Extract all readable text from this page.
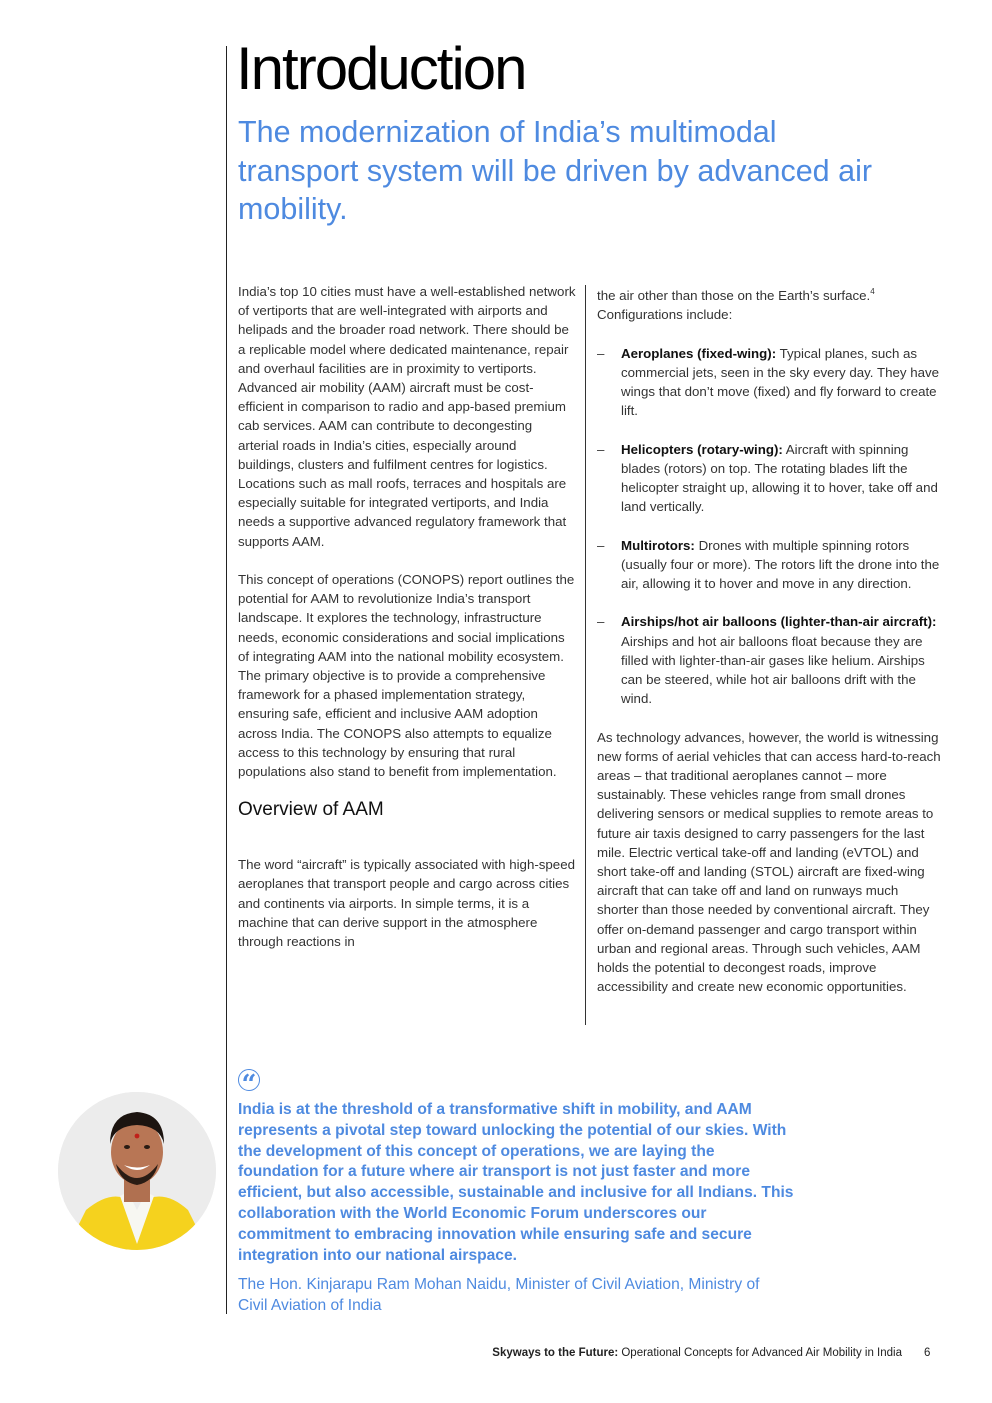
Introduction
The modernization of India’s multimodal transport system will be driven by advanced air mobility.

India’s top 10 cities must have a well-established network of vertiports that are well-integrated with airports and helipads and the broader road network. There should be a replicable model where dedicated maintenance, repair and overhaul facilities are in proximity to vertiports. Advanced air mobility (AAM) aircraft must be cost-efficient in comparison to radio and app-based premium cab services. AAM can contribute to decongesting arterial roads in India’s cities, especially around buildings, clusters and fulfilment centres for logistics. Locations such as mall roofs, terraces and hospitals are especially suitable for integrated vertiports, and India needs a supportive advanced regulatory framework that supports AAM.

This concept of operations (CONOPS) report outlines the potential for AAM to revolutionize India’s transport landscape. It explores the technology, infrastructure needs, economic considerations and social implications of integrating AAM into the national mobility ecosystem. The primary objective is to provide a comprehensive framework for a phased implementation strategy, ensuring safe, efficient and inclusive AAM adoption across India. The CONOPS also attempts to equalize access to this technology by ensuring that rural populations also stand to benefit from implementation.

Overview of AAM

The word “aircraft” is typically associated with high-speed aeroplanes that transport people and cargo across cities and continents via airports. In simple terms, it is a machine that can derive support in the atmosphere through reactions in

the air other than those on the Earth’s surface.$^4$

Configurations include:

– Aeroplanes (fixed-wing): Typical planes, such as commercial jets, seen in the sky every day. They have wings that don’t move (fixed) and fly forward to create lift.

– Helicopters (rotary-wing): Aircraft with spinning blades (rotors) on top. The rotating blades lift the helicopter straight up, allowing it to hover, take off and land vertically.

– Multirotors: Drones with multiple spinning rotors (usually four or more). The rotors lift the drone into the air, allowing it to hover and move in any direction.

– Airships/hot air balloons (lighter-than-air aircraft): Airships and hot air balloons float because they are filled with lighter-than-air gases like helium. Airships can be steered, while hot air balloons drift with the wind.

As technology advances, however, the world is witnessing new forms of aerial vehicles that can access hard-to-reach areas – that traditional aeroplanes cannot – more sustainably. These vehicles range from small drones delivering sensors or medical supplies to remote areas to future air taxis designed to carry passengers for the last mile. Electric vertical take-off and landing (eVTOL) and short take-off and landing (STOL) aircraft are fixed-wing aircraft that can take off and land on runways much shorter than those needed by conventional aircraft. They offer on-demand passenger and cargo transport within urban and regional areas. Through such vehicles, AAM holds the potential to decongest roads, improve accessibility and create new economic opportunities.

“

India is at the threshold of a transformative shift in mobility, and AAM represents a pivotal step toward unlocking the potential of our skies. With the development of this concept of operations, we are laying the foundation for a future where air transport is not just faster and more efficient, but also accessible, sustainable and inclusive for all Indians. This collaboration with the World Economic Forum underscores our commitment to embracing innovation while ensuring safe and secure integration into our national airspace.

The Hon. Kinjarapu Ram Mohan Naidu, Minister of Civil Aviation, Ministry of Civil Aviation of India

Skyways to the Future: Operational Concepts for Advanced Air Mobility in India 6
